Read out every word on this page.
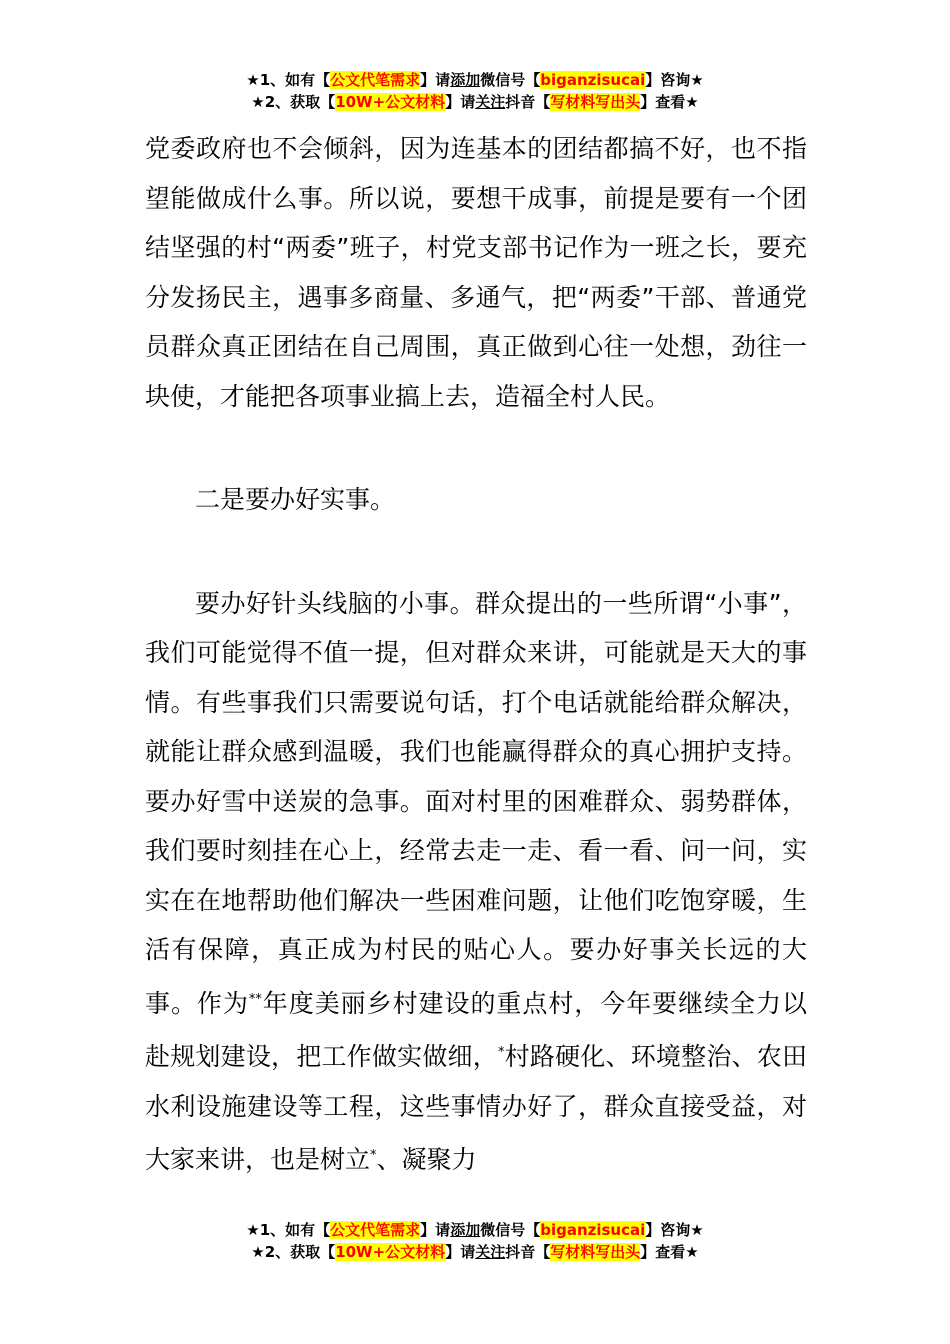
★1、如有【公文代笔需求】请添加微信号【biganzisucai】咨询★
★2、获取【10W+公文材料】请关注抖音【写材料写出头】查看★

党委政府也不会倾斜，因为连基本的团结都搞不好，也不指望能做成什么事。所以说，要想干成事，前提是要有一个团结坚强的村“两委”班子，村党支部书记作为一班之长，要充分发扬民主，遇事多商量、多通气，把“两委”干部、普通党员群众真正团结在自己周围，真正做到心往一处想，劲往一块使，才能把各项事业搞上去，造福全村人民。

二是要办好实事。

要办好针头线脑的小事。群众提出的一些所谓“小事”，我们可能觉得不值一提，但对群众来讲，可能就是天大的事情。有些事我们只需要说句话，打个电话就能给群众解决，就能让群众感到温暖，我们也能赢得群众的真心拥护支持。要办好雪中送炭的急事。面对村里的困难群众、弱势群体，我们要时刻挂在心上，经常去走一走、看一看、问一问，实实在在地帮助他们解决一些困难问题，让他们吃饱穿暖，生活有保障，真正成为村民的贴心人。要办好事关长远的大事。作为**年度美丽乡村建设的重点村，今年要继续全力以赴规划建设，把工作做实做细，*村路硬化、环境整治、农田水利设施建设等工程，这些事情办好了，群众直接受益，对大家来讲，也是树立*、凝聚力

★1、如有【公文代笔需求】请添加微信号【biganzisucai】咨询★
★2、获取【10W+公文材料】请关注抖音【写材料写出头】查看★
